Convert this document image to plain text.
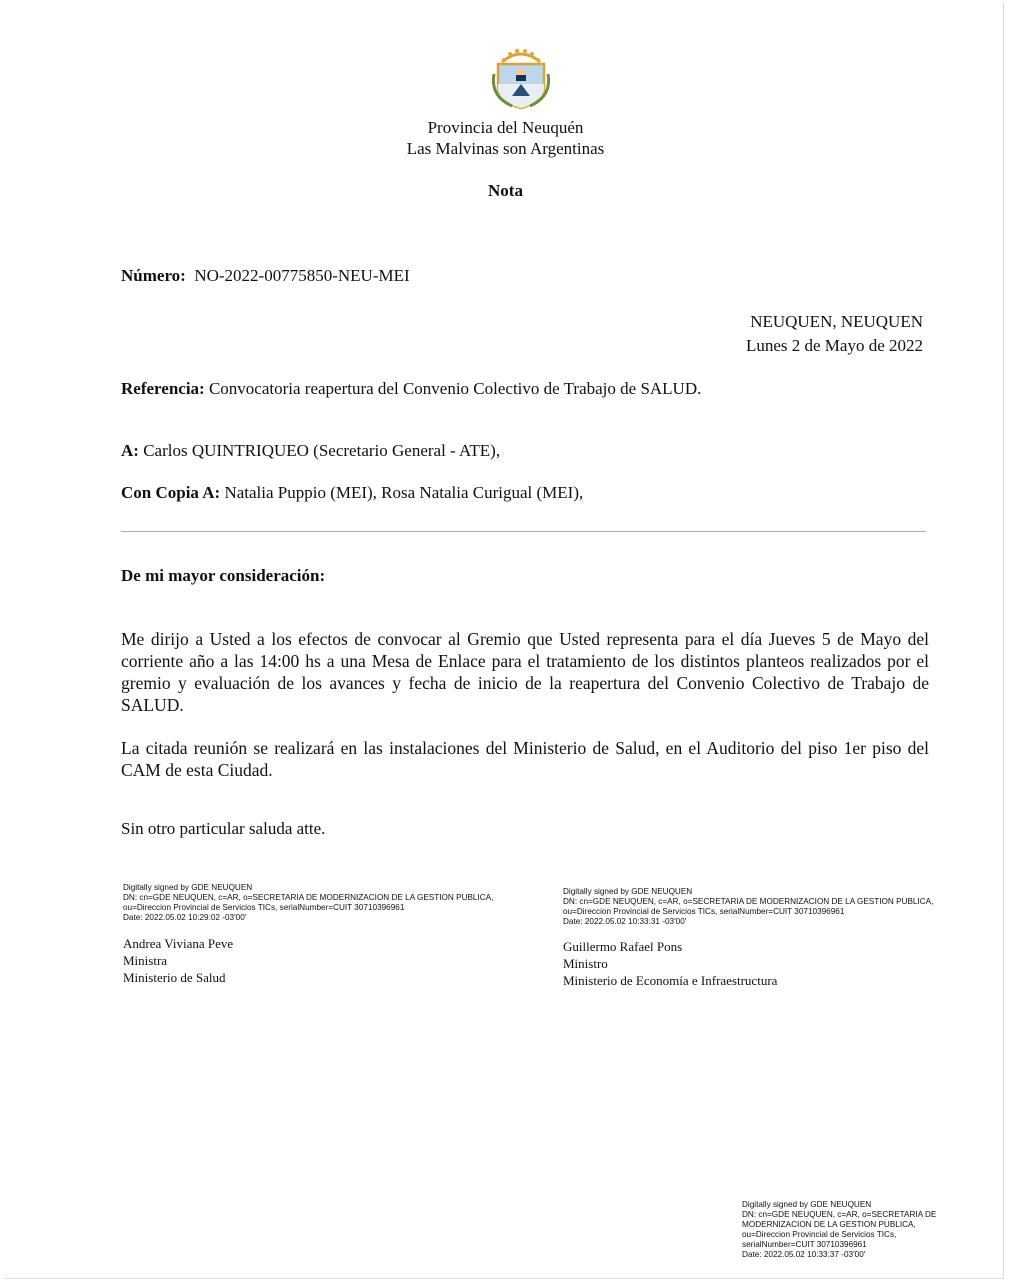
Provincia del Neuquén
Las Malvinas son Argentinas
Nota
Número: NO-2022-00775850-NEU-MEI
NEUQUEN, NEUQUEN
Lunes 2 de Mayo de 2022
Referencia: Convocatoria reapertura del Convenio Colectivo de Trabajo de SALUD.
A: Carlos QUINTRIQUEO (Secretario General - ATE),
Con Copia A: Natalia Puppio (MEI), Rosa Natalia Curigual (MEI),
De mi mayor consideración:
Me dirijo a Usted a los efectos de convocar al Gremio que Usted representa para el día Jueves 5 de Mayo del corriente año a las 14:00 hs a una Mesa de Enlace para el tratamiento de los distintos planteos realizados por el gremio y evaluación de los avances y fecha de inicio de la reapertura del Convenio Colectivo de Trabajo de SALUD.
La citada reunión se realizará en las instalaciones del Ministerio de Salud, en el Auditorio del piso 1er piso del CAM de esta Ciudad.
Sin otro particular saluda atte.
Digitally signed by GDE NEUQUEN
DN: cn=GDE NEUQUEN, c=AR, o=SECRETARIA DE MODERNIZACION DE LA GESTION PUBLICA,
ou=Direccion Provincial de Servicios TICs, serialNumber=CUIT 30710396961
Date: 2022.05.02 10:29:02 -03'00'
Andrea Viviana Peve
Ministra
Ministerio de Salud
Digitally signed by GDE NEUQUEN
DN: cn=GDE NEUQUEN, c=AR, o=SECRETARIA DE MODERNIZACION DE LA GESTION PUBLICA,
ou=Direccion Provincial de Servicios TICs, serialNumber=CUIT 30710396961
Date: 2022.05.02 10:33:31 -03'00'
Guillermo Rafael Pons
Ministro
Ministerio de Economía e Infraestructura
Digitally signed by GDE NEUQUEN
DN: cn=GDE NEUQUEN, c=AR, o=SECRETARIA DE
MODERNIZACION DE LA GESTION PUBLICA,
ou=Direccion Provincial de Servicios TICs,
serialNumber=CUIT 30710396961
Date: 2022.05.02 10:33:37 -03'00'
